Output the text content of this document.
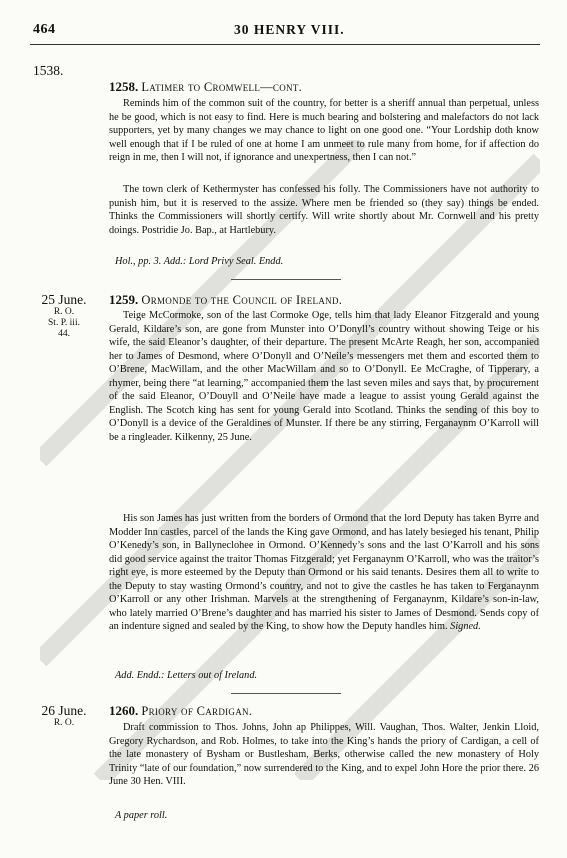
464	30 HENRY VIII.
1538.
1258. Latimer to Cromwell—cont.
Reminds him of the common suit of the country, for better is a sheriff annual than perpetual, unless he be good, which is not easy to find. Here is much bearing and bolstering and malefactors do not lack supporters, yet by many changes we may chance to light on one good one. “Your Lordship doth know well enough that if I be ruled of one at home I am unmeet to rule many from home, for if affection do reign in me, then I will not, if ignorance and unexpertness, then I can not.”
The town clerk of Kethermyster has confessed his folly. The Commissioners have not authority to punish him, but it is reserved to the assize. Where men be friended so (they say) things be ended. Thinks the Commissioners will shortly certify. Will write shortly about Mr. Cornwell and his pretty doings. Postridie Jo. Bap., at Hartlebury.
Hol., pp. 3. Add.: Lord Privy Seal. Endd.
25 June.
R. O.
St. P. iii.
44.
1259. Ormonde to the Council of Ireland.
Teige McCormoke, son of the last Cormoke Oge, tells him that lady Eleanor Fitzgerald and young Gerald, Kildare’s son, are gone from Munster into O’Donyll’s country without showing Teige or his wife, the said Eleanor’s daughter, of their departure. The present McArte Reagh, her son, accompanied her to James of Desmond, where O’Donyll and O’Neile’s messengers met them and escorted them to O’Brene, MacWillam, and the other MacWillam and so to O’Donyll. Ee McCraghe, of Tipperary, a rhymer, being there “at learning,” accompanied them the last seven miles and says that, by procurement of the said Eleanor, O’Douyll and O’Neile have made a league to assist young Gerald against the English. The Scotch king has sent for young Gerald into Scotland. Thinks the sending of this boy to O’Donyll is a device of the Geraldines of Munster. If there be any stirring, Ferganaynm O’Karroll will be a ringleader. Kilkenny, 25 June.
His son James has just written from the borders of Ormond that the lord Deputy has taken Byrre and Modder Inn castles, parcel of the lands the King gave Ormond, and has lately besieged his tenant, Philip O’Kenedy’s son, in Ballyneclohee in Ormond. O’Kennedy’s sons and the last O’Karroll and his sons did good service against the traitor Thomas Fitzgerald; yet Ferganaynm O’Karroll, who was the traitor’s right eye, is more esteemed by the Deputy than Ormond or his said tenants. Desires them all to write to the Deputy to stay wasting Ormond’s country, and not to give the castles he has taken to Ferganaynm O’Karroll or any other Irishman. Marvels at the strengthening of Ferganaynm, Kildare’s son-in-law, who lately married O’Brene’s daughter and has married his sister to James of Desmond. Sends copy of an indenture signed and sealed by the King, to show how the Deputy handles him. Signed.
Add. Endd.: Letters out of Ireland.
26 June.
R. O.
1260. Priory of Cardigan.
Draft commission to Thos. Johns, John ap Philippes, Will. Vaughan, Thos. Walter, Jenkin Lloid, Gregory Rychardson, and Rob. Holmes, to take into the King’s hands the priory of Cardigan, a cell of the late monastery of Bysham or Bustlesham, Berks, otherwise called the new monastery of Holy Trinity “late of our foundation,” now surrendered to the King, and to expel John Hore the prior there. 26 June 30 Hen. VIII.
A paper roll.
